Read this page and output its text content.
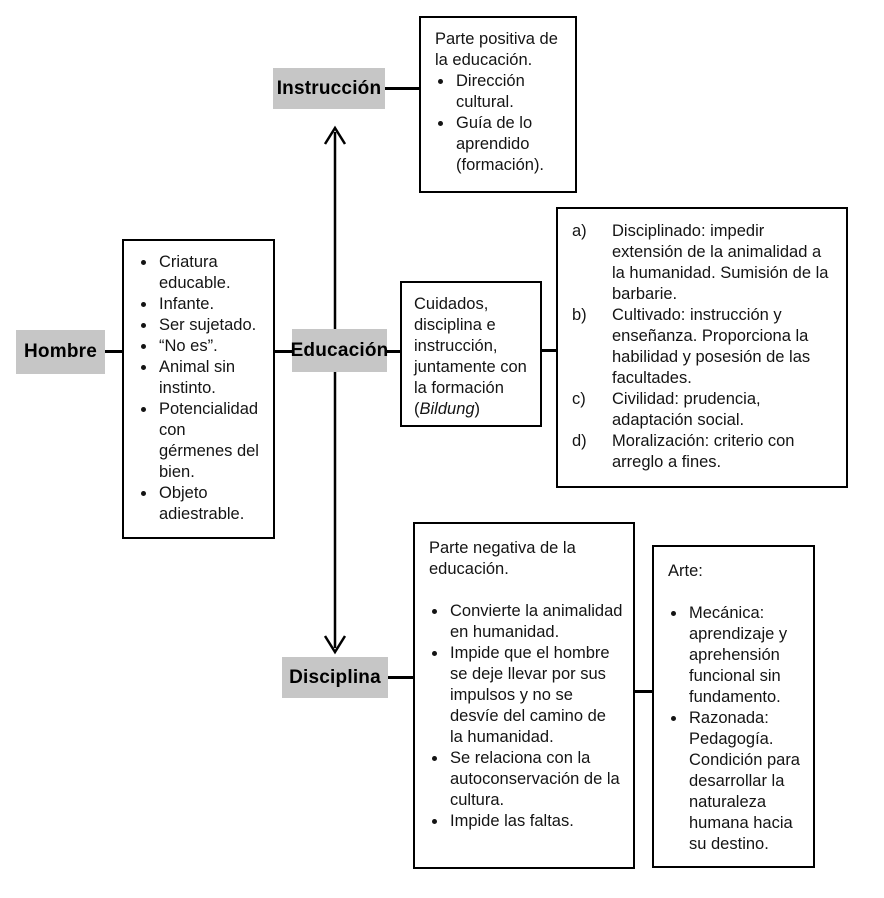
Hombre	Educación
Instrucción
Disciplina

Parte positiva de la educación.

• Dirección cultural.
• Guía de lo aprendido (formación).
• Criatura educable.
• Infante.
• Ser sujetado.
• “No es”.
• Animal sin instinto.
• Potencialidad con gérmenes del bien.
• Objeto adiestrable.

Cuidados, disciplina e instrucción, juntamente con la formación (Bildung)

a)	Disciplinado: impedir extensión de la animalidad a la humanidad. Sumisión de la barbarie.
b)	Cultivado: instrucción y enseñanza. Proporciona la habilidad y posesión de las facultades.
c)	Civilidad: prudencia, adaptación social.
d)	Moralización: criterio con arreglo a fines.

Parte negativa de la educación.

• Convierte la animalidad en humanidad.
• Impide que el hombre se deje llevar por sus impulsos y no se desvíe del camino de la humanidad.
• Se relaciona con la autoconservación de la cultura.
• Impide las faltas.

Arte:

• Mecánica: aprendizaje y aprehensión funcional sin fundamento.
• Razonada: Pedagogía. Condición para desarrollar la naturaleza humana hacia su destino.
